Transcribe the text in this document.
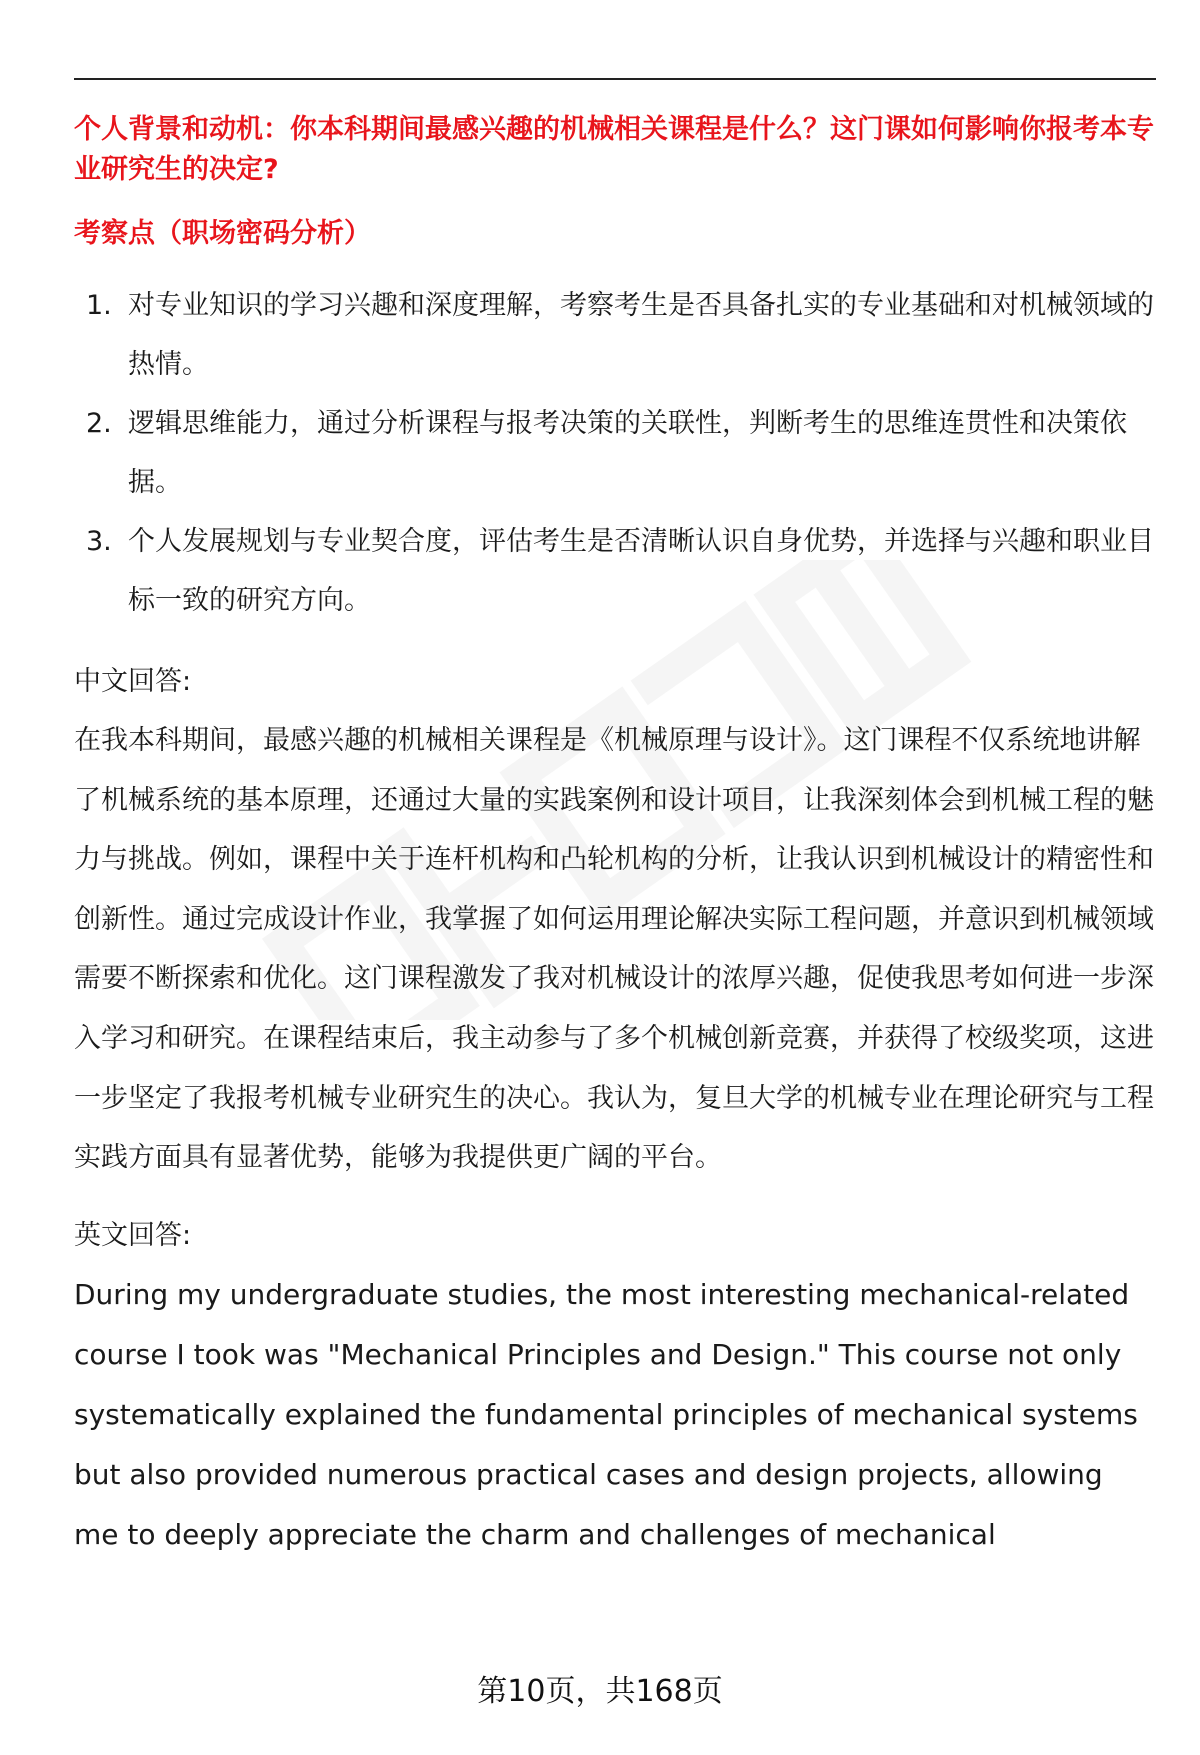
个人背景和动机：你本科期间最感兴趣的机械相关课程是什么？这门课如何影响你报考本专业研究生的决定?

考察点（职场密码分析）
1. 对专业知识的学习兴趣和深度理解，考察考生是否具备扎实的专业基础和对机械领域的热情。
2. 逻辑思维能力，通过分析课程与报考决策的关联性，判断考生的思维连贯性和决策依据。
3. 个人发展规划与专业契合度，评估考生是否清晰认识自身优势，并选择与兴趣和职业目标一致的研究方向。
中文回答:

在我本科期间，最感兴趣的机械相关课程是《机械原理与设计》。这门课程不仅系统地讲解了机械系统的基本原理，还通过大量的实践案例和设计项目，让我深刻体会到机械工程的魅力与挑战。例如，课程中关于连杆机构和凸轮机构的分析，让我认识到机械设计的精密性和创新性。通过完成设计作业，我掌握了如何运用理论解决实际工程问题，并意识到机械领域需要不断探索和优化。这门课程激发了我对机械设计的浓厚兴趣，促使我思考如何进一步深入学习和研究。在课程结束后，我主动参与了多个机械创新竞赛，并获得了校级奖项，这进一步坚定了我报考机械专业研究生的决心。我认为，复旦大学的机械专业在理论研究与工程实践方面具有显著优势，能够为我提供更广阔的平台。

英文回答:

During my undergraduate studies, the most interesting mechanical-related course I took was "Mechanical Principles and Design." This course not only systematically explained the fundamental principles of mechanical systems but also provided numerous practical cases and design projects, allowing me to deeply appreciate the charm and challenges of mechanical

第10页，共168页
